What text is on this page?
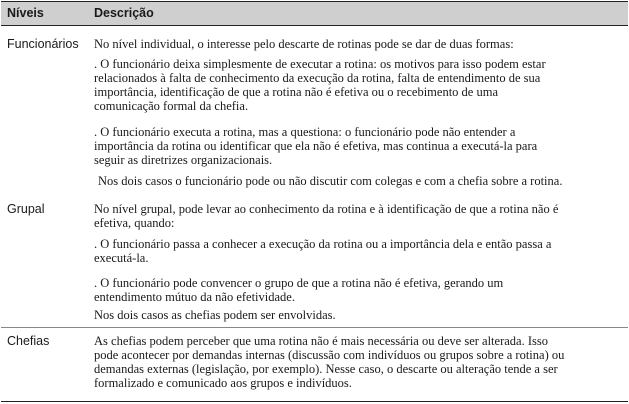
Níveis	Descrição
Funcionários No nível individual, o interesse pelo descarte de rotinas pode se dar de duas formas:
. O funcionário deixa simplesmente de executar a rotina: os motivos para isso podem estar
relacionados à falta de conhecimento da execução da rotina, falta de entendimento de sua
importância, identificação de que a rotina não é efetiva ou o recebimento de uma
comunicação formal da chefia.
. O funcionário executa a rotina, mas a questiona: o funcionário pode não entender a
importância da rotina ou identificar que ela não é efetiva, mas continua a executá-la para
seguir as diretrizes organizacionais.
Nos dois casos o funcionário pode ou não discutir com colegas e com a chefia sobre a rotina.
Grupal	No nível grupal, pode levar ao conhecimento da rotina e à identificação de que a rotina não é
efetiva, quando:
. O funcionário passa a conhecer a execução da rotina ou a importância dela e então passa a
executá-la.
. O funcionário pode convencer o grupo de que a rotina não é efetiva, gerando um
entendimento mútuo da não efetividade.
Nos dois casos as chefias podem ser envolvidas.
Chefias	As chefias podem perceber que uma rotina não é mais necessária ou deve ser alterada. Isso
pode acontecer por demandas internas (discussão com indivíduos ou grupos sobre a rotina) ou
demandas externas (legislação, por exemplo). Nesse caso, o descarte ou alteração tende a ser
formalizado e comunicado aos grupos e indivíduos.
